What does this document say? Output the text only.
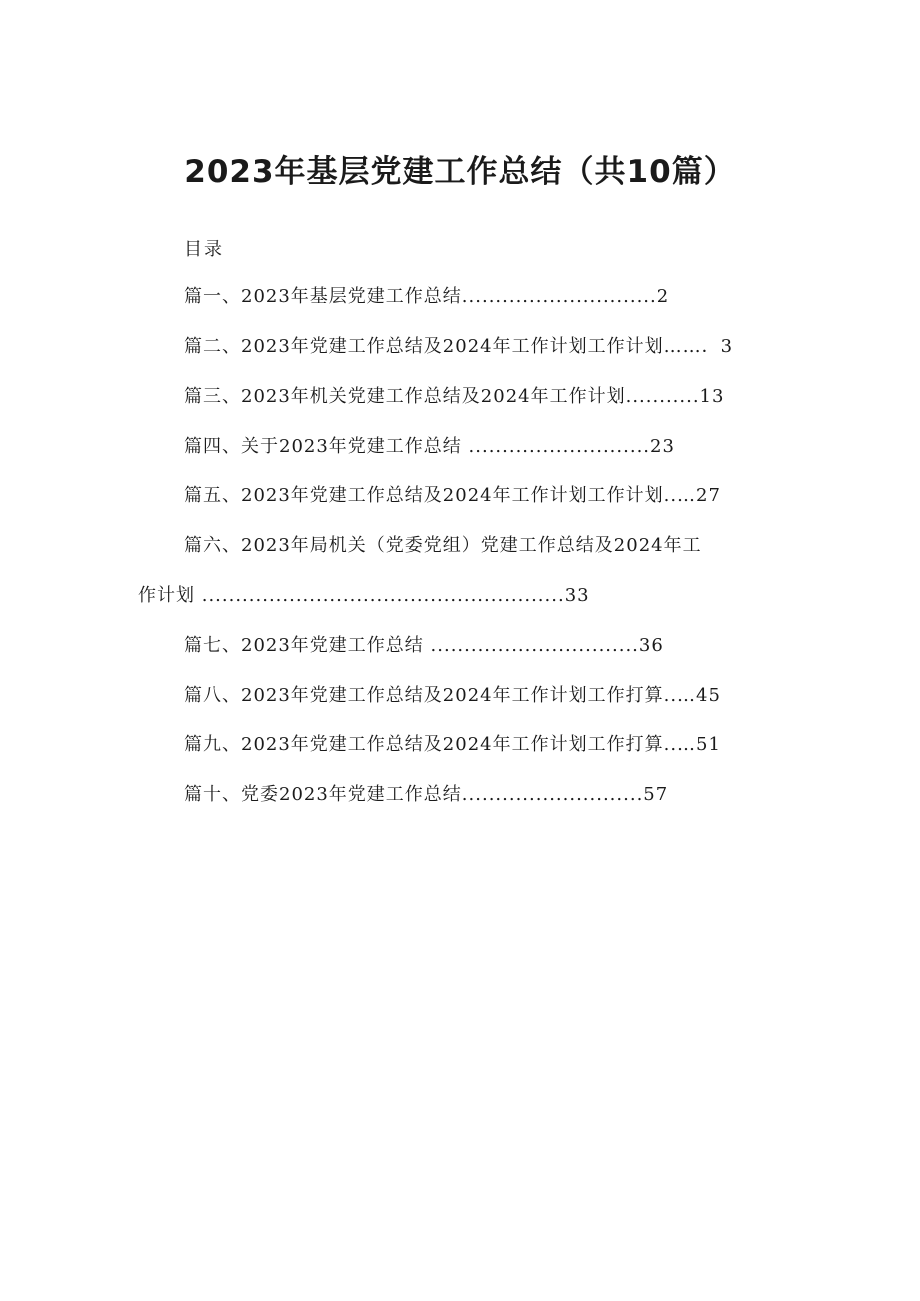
2023年基层党建工作总结（共10篇）

目录

篇一、2023年基层党建工作总结.............................2
篇二、2023年党建工作总结及2024年工作计划工作计划……．3
篇三、2023年机关党建工作总结及2024年工作计划...........13
篇四、关于2023年党建工作总结 ...........................23
篇五、2023年党建工作总结及2024年工作计划工作计划..…27
篇六、2023年局机关（党委党组）党建工作总结及2024年工
作计划 ......................................................33
篇七、2023年党建工作总结 ...............................36
篇八、2023年党建工作总结及2024年工作计划工作打算..…45
篇九、2023年党建工作总结及2024年工作计划工作打算..…51
篇十、党委2023年党建工作总结...........................57
